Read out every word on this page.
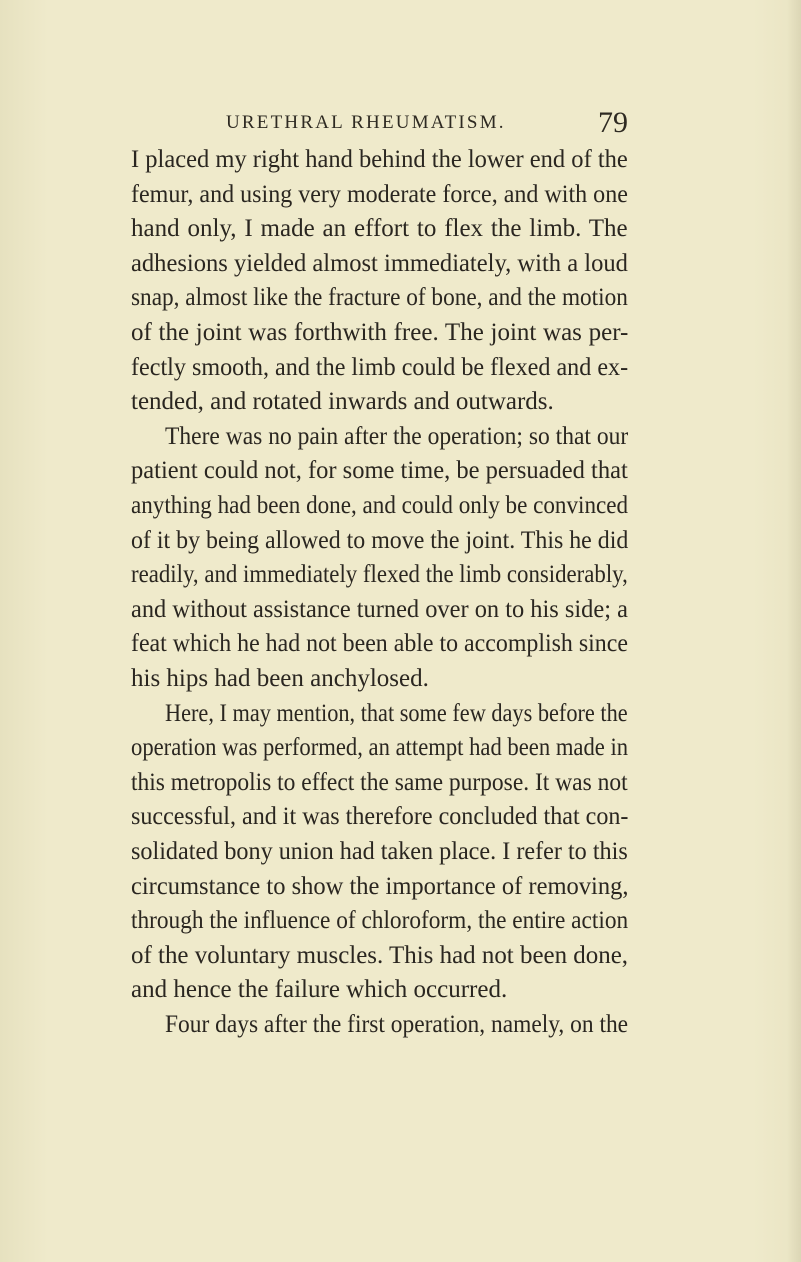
URETHRAL RHEUMATISM.	79
I placed my right hand behind the lower end of the
femur, and using very moderate force, and with one
hand only, I made an effort to flex the limb. The
adhesions yielded almost immediately, with a loud
snap, almost like the fracture of bone, and the motion
of the joint was forthwith free. The joint was per-
fectly smooth, and the limb could be flexed and ex-
tended, and rotated inwards and outwards.
There was no pain after the operation; so that our
patient could not, for some time, be persuaded that
anything had been done, and could only be convinced
of it by being allowed to move the joint. This he did
readily, and immediately flexed the limb considerably,
and without assistance turned over on to his side; a
feat which he had not been able to accomplish since
his hips had been anchylosed.
Here, I may mention, that some few days before the
operation was performed, an attempt had been made in
this metropolis to effect the same purpose. It was not
successful, and it was therefore concluded that con-
solidated bony union had taken place. I refer to this
circumstance to show the importance of removing,
through the influence of chloroform, the entire action
of the voluntary muscles. This had not been done,
and hence the failure which occurred.
Four days after the first operation, namely, on the
